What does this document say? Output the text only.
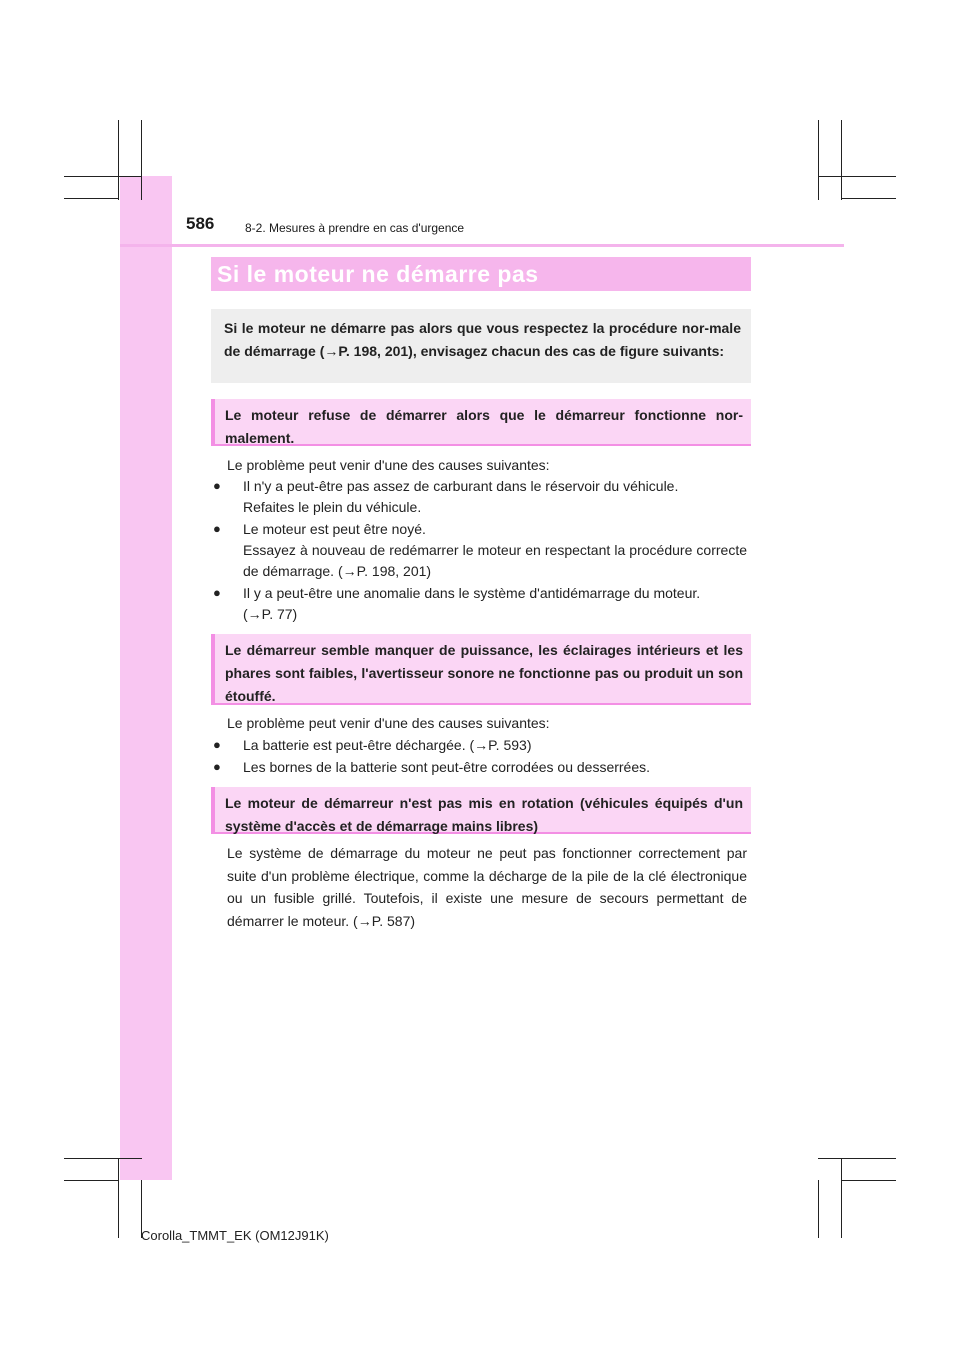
586	8-2. Mesures à prendre en cas d'urgence
Si le moteur ne démarre pas
Si le moteur ne démarre pas alors que vous respectez la procédure nor-male de démarrage (→P. 198, 201), envisagez chacun des cas de figure suivants:
Le moteur refuse de démarrer alors que le démarreur fonctionne nor-malement.
Le problème peut venir d'une des causes suivantes:
●	Il n'y a peut-être pas assez de carburant dans le réservoir du véhicule.
Refaites le plein du véhicule.
●	Le moteur est peut être noyé.
Essayez à nouveau de redémarrer le moteur en respectant la procédure correcte de démarrage. (→P. 198, 201)
●	Il y a peut-être une anomalie dans le système d'antidémarrage du moteur.
(→P. 77)
Le démarreur semble manquer de puissance, les éclairages intérieurs et les phares sont faibles, l'avertisseur sonore ne fonctionne pas ou produit un son étouffé.
Le problème peut venir d'une des causes suivantes:
●	La batterie est peut-être déchargée. (→P. 593)
●	Les bornes de la batterie sont peut-être corrodées ou desserrées.
Le moteur de démarreur n'est pas mis en rotation (véhicules équipés d'un système d'accès et de démarrage mains libres)
Le système de démarrage du moteur ne peut pas fonctionner correctement par suite d'un problème électrique, comme la décharge de la pile de la clé électronique ou un fusible grillé. Toutefois, il existe une mesure de secours permettant de démarrer le moteur. (→P. 587)
Corolla_TMMT_EK (OM12J91K)
